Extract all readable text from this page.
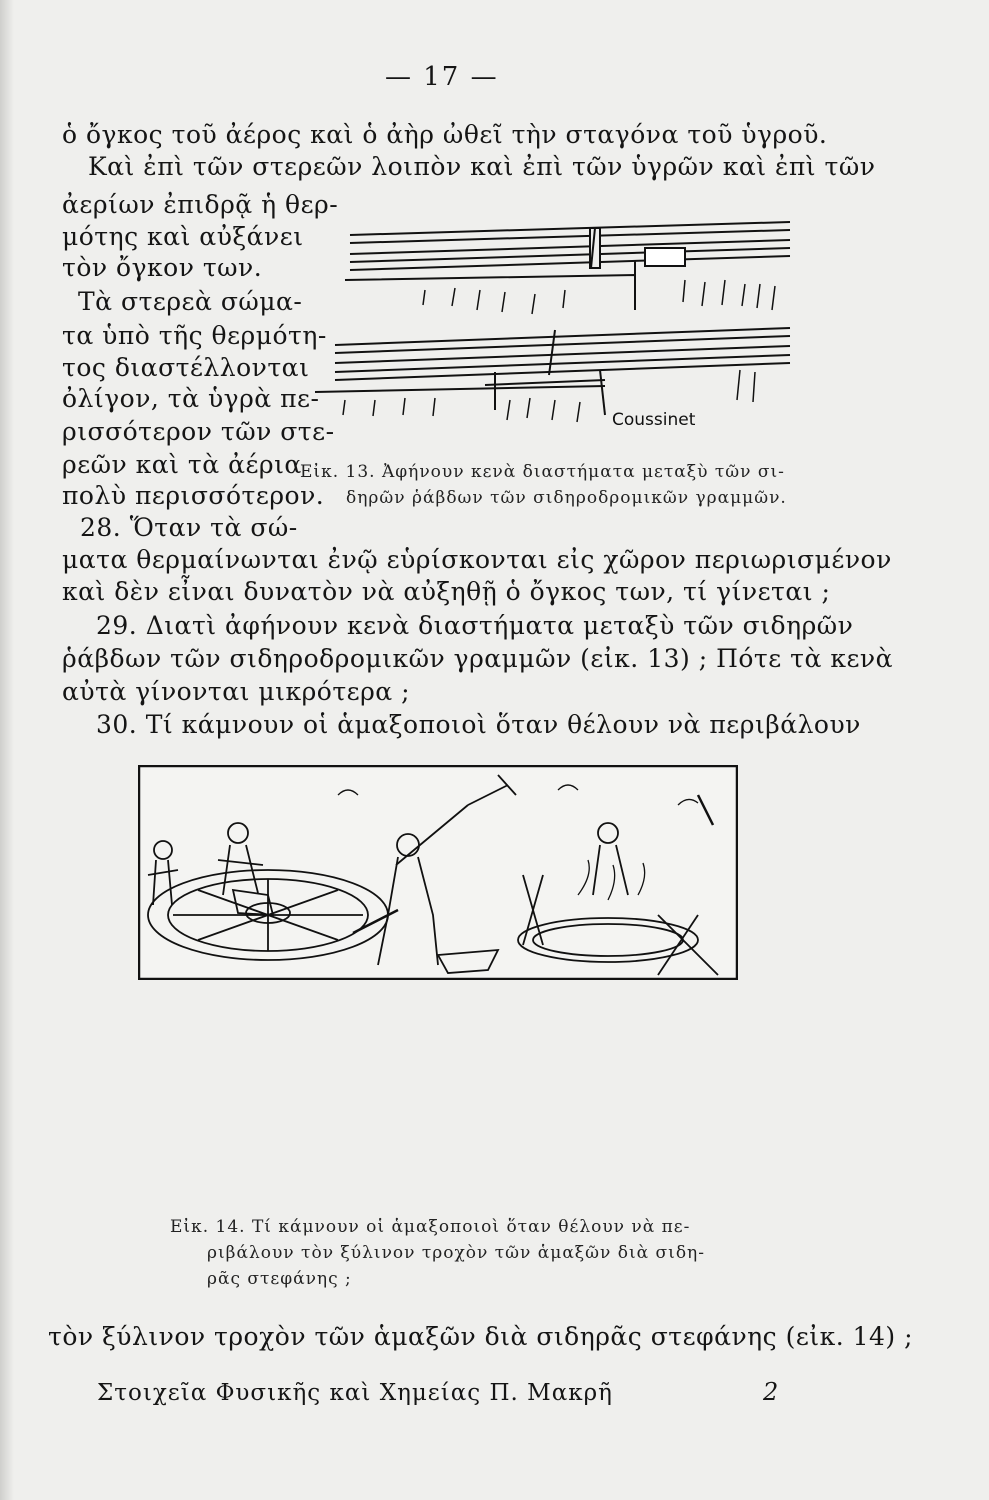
— 17 —
ὁ ὄγκος τοῦ ἀέρος καὶ ὁ ἀὴρ ὠθεῖ τὴν σταγόνα τοῦ ὑγροῦ.
Καὶ ἐπὶ τῶν στερεῶν λοιπὸν καὶ ἐπὶ τῶν ὑγρῶν καὶ ἐπὶ τῶν
ἀερίων ἐπιδρᾷ ἡ θερ-
μότης καὶ αὐξάνει
τὸν ὄγκον των.
Τὰ στερεὰ σώμα-
τα ὑπὸ τῆς θερμότη-
τος διαστέλλονται
ὀλίγον, τὰ ὑγρὰ πε-
ρισσότερον τῶν στε-
ρεῶν καὶ τὰ ἀέρια
πολὺ περισσότερον.
28. Ὅταν τὰ σώ-
ματα θερμαίνωνται ἐνῷ εὑρίσκονται εἰς χῶρον περιωρισμένον
καὶ δὲν εἶναι δυνατὸν νὰ αὐξηθῇ ὁ ὄγκος των, τί γίνεται ;
29. Διατὶ ἀφήνουν κενὰ διαστήματα μεταξὺ τῶν σιδηρῶν
ῥάβδων τῶν σιδηροδρομικῶν γραμμῶν (εἰκ. 13) ; Πότε τὰ κενὰ
αὐτὰ γίνονται μικρότερα ;
30. Τί κάμνουν οἱ ἁμαξοποιοὶ ὅταν θέλουν νὰ περιβάλουν
τὸν ξύλινον τροχὸν τῶν ἁμαξῶν διὰ σιδηρᾶς στεφάνης (εἰκ. 14) ;
Coussinet
Εἰκ. 13. Ἀφήνουν κενὰ διαστήματα μεταξὺ τῶν σι-
δηρῶν ῥάβδων τῶν σιδηροδρομικῶν γραμμῶν.
Εἰκ. 14. Τί κάμνουν οἱ ἁμαξοποιοὶ ὅταν θέλουν νὰ πε-
ριβάλουν τὸν ξύλινον τροχὸν τῶν ἁμαξῶν διὰ σιδη-
ρᾶς στεφάνης ;
Στοιχεῖα Φυσικῆς καὶ Χημείας Π. Μακρῆ	2
